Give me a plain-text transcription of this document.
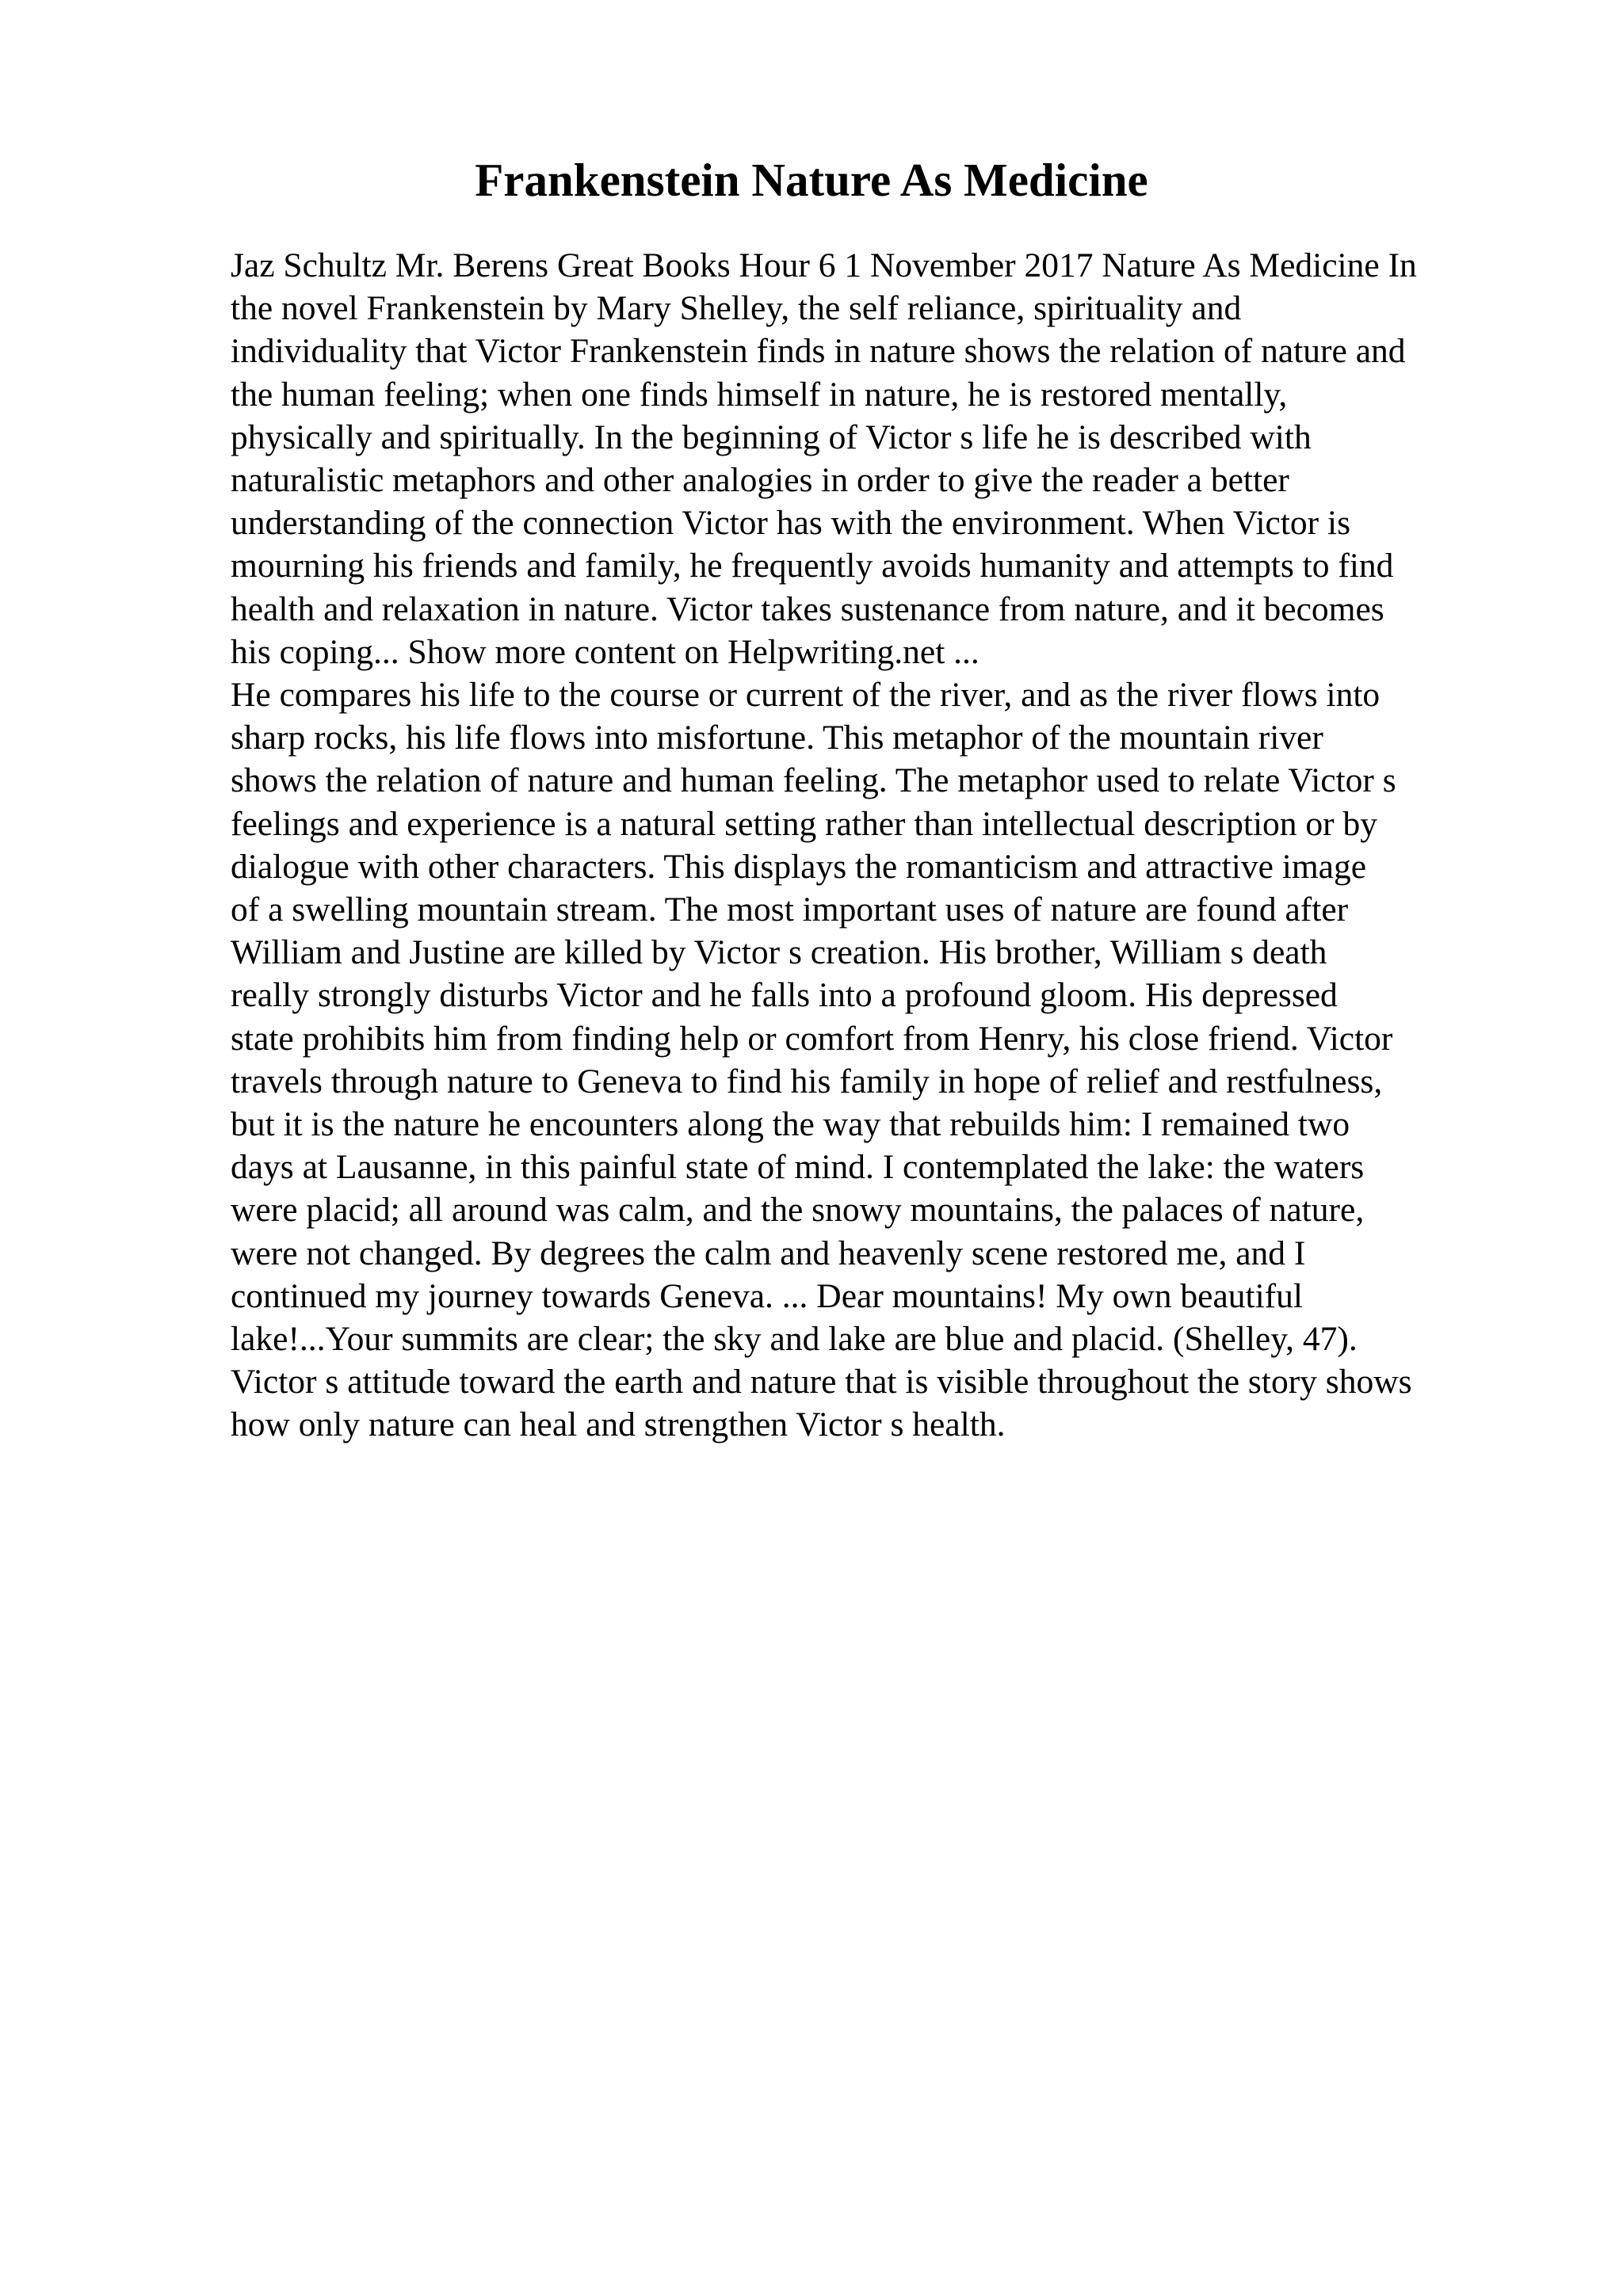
Frankenstein Nature As Medicine
Jaz Schultz Mr. Berens Great Books Hour 6 1 November 2017 Nature As Medicine In
the novel Frankenstein by Mary Shelley, the self reliance, spirituality and
individuality that Victor Frankenstein finds in nature shows the relation of nature and
the human feeling; when one finds himself in nature, he is restored mentally,
physically and spiritually. In the beginning of Victor s life he is described with
naturalistic metaphors and other analogies in order to give the reader a better
understanding of the connection Victor has with the environment. When Victor is
mourning his friends and family, he frequently avoids humanity and attempts to find
health and relaxation in nature. Victor takes sustenance from nature, and it becomes
his coping... Show more content on Helpwriting.net ...
He compares his life to the course or current of the river, and as the river flows into
sharp rocks, his life flows into misfortune. This metaphor of the mountain river
shows the relation of nature and human feeling. The metaphor used to relate Victor s
feelings and experience is a natural setting rather than intellectual description or by
dialogue with other characters. This displays the romanticism and attractive image
of a swelling mountain stream. The most important uses of nature are found after
William and Justine are killed by Victor s creation. His brother, William s death
really strongly disturbs Victor and he falls into a profound gloom. His depressed
state prohibits him from finding help or comfort from Henry, his close friend. Victor
travels through nature to Geneva to find his family in hope of relief and restfulness,
but it is the nature he encounters along the way that rebuilds him: I remained two
days at Lausanne, in this painful state of mind. I contemplated the lake: the waters
were placid; all around was calm, and the snowy mountains, the palaces of nature,
were not changed. By degrees the calm and heavenly scene restored me, and I
continued my journey towards Geneva. ... Dear mountains! My own beautiful
lake!...Your summits are clear; the sky and lake are blue and placid. (Shelley, 47).
Victor s attitude toward the earth and nature that is visible throughout the story shows
how only nature can heal and strengthen Victor s health.
